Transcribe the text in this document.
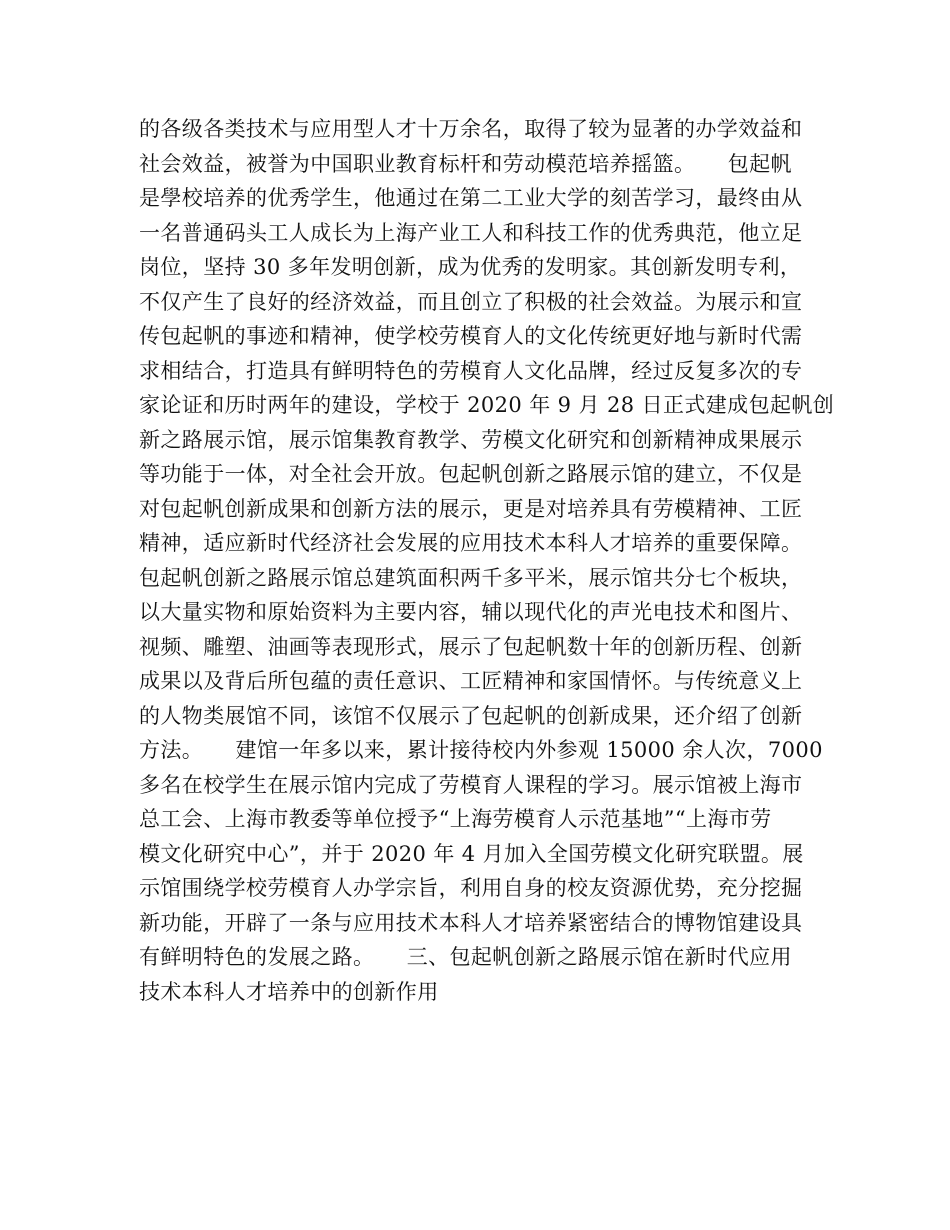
的各级各类技术与应用型人才十万余名，取得了较为显著的办学效益和
社会效益，被誉为中国职业教育标杆和劳动模范培养摇篮。　　包起帆
是學校培养的优秀学生，他通过在第二工业大学的刻苦学习，最终由从
一名普通码头工人成长为上海产业工人和科技工作的优秀典范，他立足
岗位，坚持 30 多年发明创新，成为优秀的发明家。其创新发明专利，
不仅产生了良好的经济效益，而且创立了积极的社会效益。为展示和宣
传包起帆的事迹和精神，使学校劳模育人的文化传统更好地与新时代需
求相结合，打造具有鲜明特色的劳模育人文化品牌，经过反复多次的专
家论证和历时两年的建设，学校于 2020 年 9 月 28 日正式建成包起帆创
新之路展示馆，展示馆集教育教学、劳模文化研究和创新精神成果展示
等功能于一体，对全社会开放。包起帆创新之路展示馆的建立，不仅是
对包起帆创新成果和创新方法的展示，更是对培养具有劳模精神、工匠
精神，适应新时代经济社会发展的应用技术本科人才培养的重要保障。
包起帆创新之路展示馆总建筑面积两千多平米，展示馆共分七个板块，
以大量实物和原始资料为主要内容，辅以现代化的声光电技术和图片、
视频、雕塑、油画等表现形式，展示了包起帆数十年的创新历程、创新
成果以及背后所包蕴的责任意识、工匠精神和家国情怀。与传统意义上
的人物类展馆不同，该馆不仅展示了包起帆的创新成果，还介绍了创新
方法。　　建馆一年多以来，累计接待校内外参观 15000 余人次，7000
多名在校学生在展示馆内完成了劳模育人课程的学习。展示馆被上海市
总工会、上海市教委等单位授予“上海劳模育人示范基地”“上海市劳
模文化研究中心”，并于 2020 年 4 月加入全国劳模文化研究联盟。展
示馆围绕学校劳模育人办学宗旨，利用自身的校友资源优势，充分挖掘
新功能，开辟了一条与应用技术本科人才培养紧密结合的博物馆建设具
有鲜明特色的发展之路。　　三、包起帆创新之路展示馆在新时代应用
技术本科人才培养中的创新作用
